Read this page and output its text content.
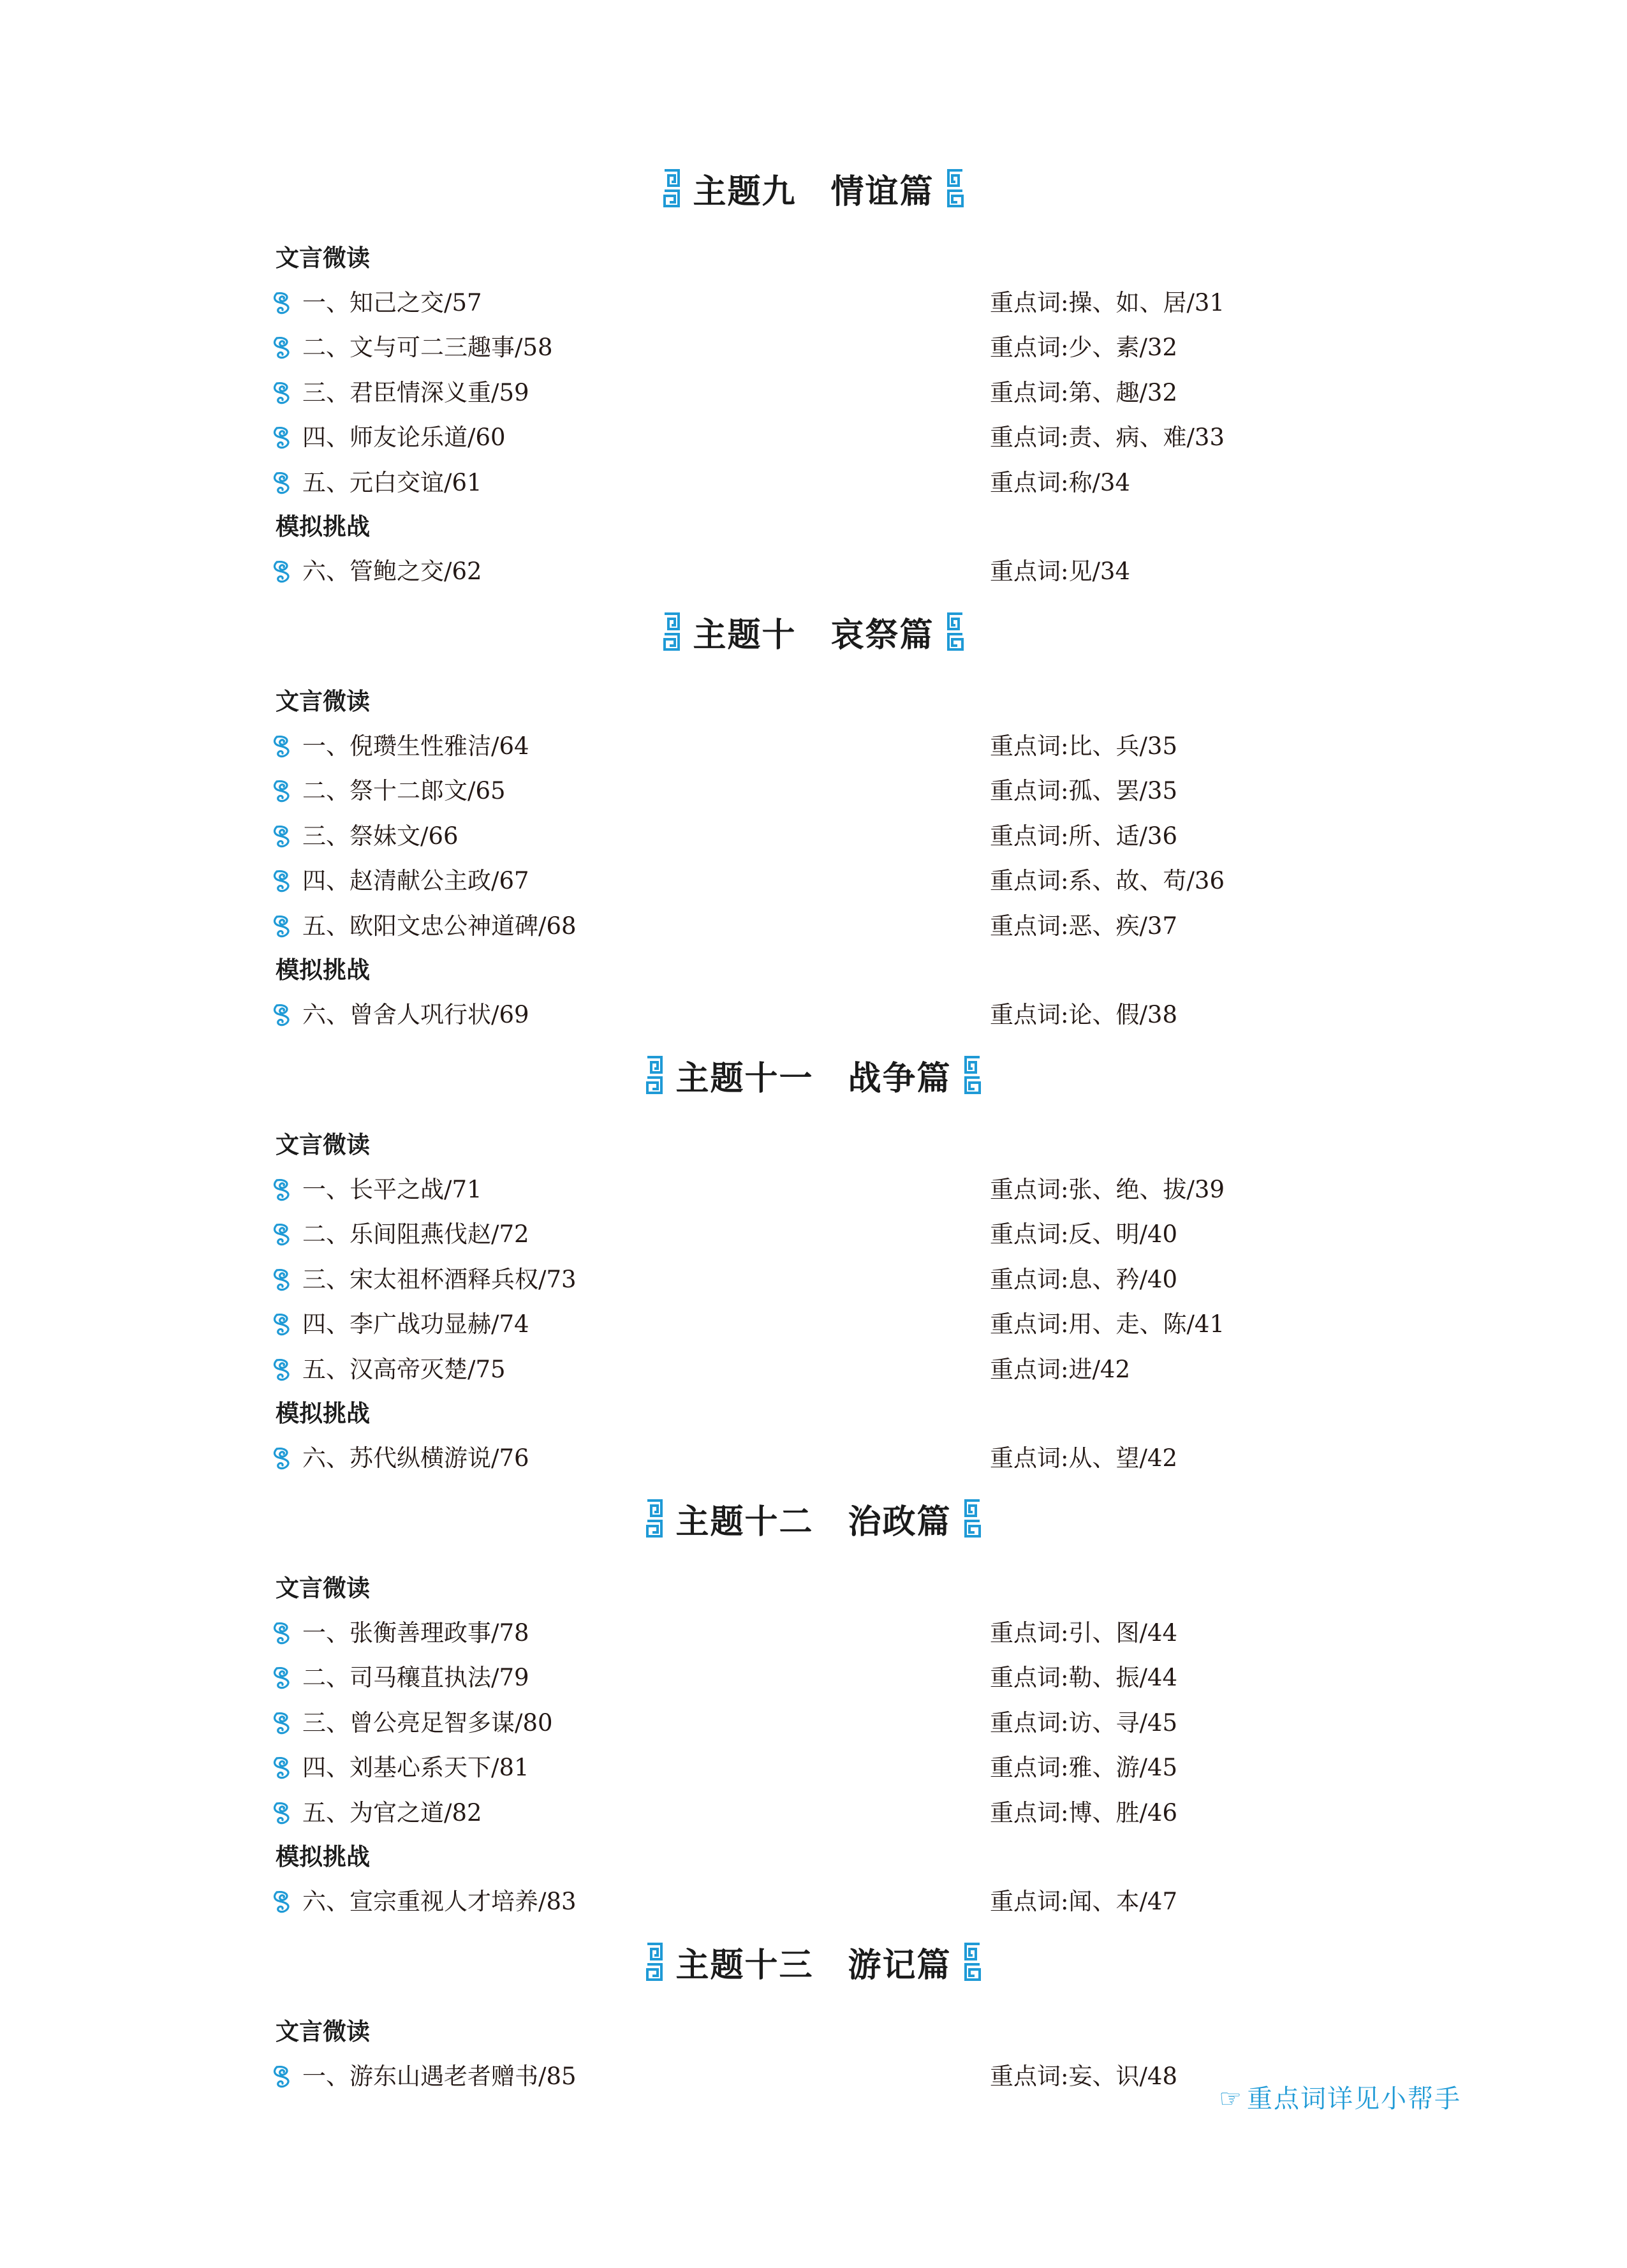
☞ 重点词详见小帮手
主题九　情谊篇
文言微读
一、知己之交/57	重点词:操、如、居/31
二、文与可二三趣事/58	重点词:少、素/32
三、君臣情深义重/59	重点词:第、趣/32
四、师友论乐道/60	重点词:责、病、难/33
五、元白交谊/61	重点词:称/34
模拟挑战
六、管鲍之交/62	重点词:见/34
主题十　哀祭篇
文言微读
一、倪瓒生性雅洁/64	重点词:比、兵/35
二、祭十二郎文/65	重点词:孤、罢/35
三、祭妹文/66	重点词:所、适/36
四、赵清献公主政/67	重点词:系、故、苟/36
五、欧阳文忠公神道碑/68	重点词:恶、疾/37
模拟挑战
六、曾舍人巩行状/69	重点词:论、假/38
主题十一　战争篇
文言微读
一、长平之战/71	重点词:张、绝、拔/39
二、乐间阻燕伐赵/72	重点词:反、明/40
三、宋太祖杯酒释兵权/73	重点词:息、矜/40
四、李广战功显赫/74	重点词:用、走、陈/41
五、汉高帝灭楚/75	重点词:进/42
模拟挑战
六、苏代纵横游说/76	重点词:从、望/42
主题十二　治政篇
文言微读
一、张衡善理政事/78	重点词:引、图/44
二、司马穰苴执法/79	重点词:勒、振/44
三、曾公亮足智多谋/80	重点词:访、寻/45
四、刘基心系天下/81	重点词:雅、游/45
五、为官之道/82	重点词:博、胜/46
模拟挑战
六、宣宗重视人才培养/83	重点词:闻、本/47
主题十三　游记篇
文言微读
一、游东山遇老者赠书/85	重点词:妄、识/48
